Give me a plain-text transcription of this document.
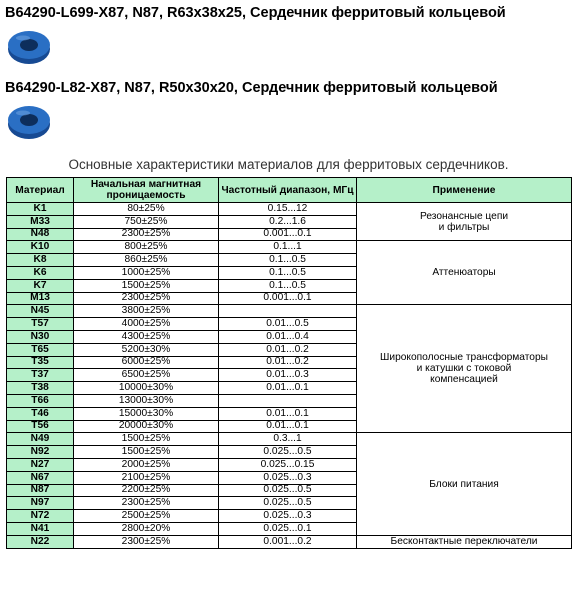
B64290-L699-X87, N87, R63x38x25, Сердечник ферритовый кольцевой
B64290-L82-X87, N87, R50x30x20, Сердечник ферритовый кольцевой
Основные характеристики материалов для ферритовых сердечников.
Материал	Начальная магнитная проницаемость	Частотный диапазон, МГц	Применение
K1	80±25%	0.15...12	Резонансные цепи
и фильтры
M33	750±25%	0.2...1.6	
N48	2300±25%	0.001...0.1	
K10	800±25%	0.1...1	Аттенюаторы
K8	860±25%	0.1...0.5	
K6	1000±25%	0.1...0.5	
K7	1500±25%	0.1...0.5	
M13	2300±25%	0.001...0.1	
N45	3800±25%		Широкополосные трансформаторы
и катушки с токовой
компенсацией
T57	4000±25%	0.01...0.5	
N30	4300±25%	0.01...0.4	
T65	5200±30%	0.01...0.2	
T35	6000±25%	0.01...0.2	
T37	6500±25%	0.01...0.3	
T38	10000±30%	0.01...0.1	
T66	13000±30%		
T46	15000±30%	0.01...0.1	
T56	20000±30%	0.01...0.1	
N49	1500±25%	0.3...1	Блоки питания
N92	1500±25%	0.025...0.5	
N27	2000±25%	0.025...0.15	
N67	2100±25%	0.025...0.3	
N87	2200±25%	0.025...0.5	
N97	2300±25%	0.025...0.5	
N72	2500±25%	0.025...0.3	
N41	2800±20%	0.025...0.1	
N22	2300±25%	0.001...0.2	Бесконтактные переключатели
